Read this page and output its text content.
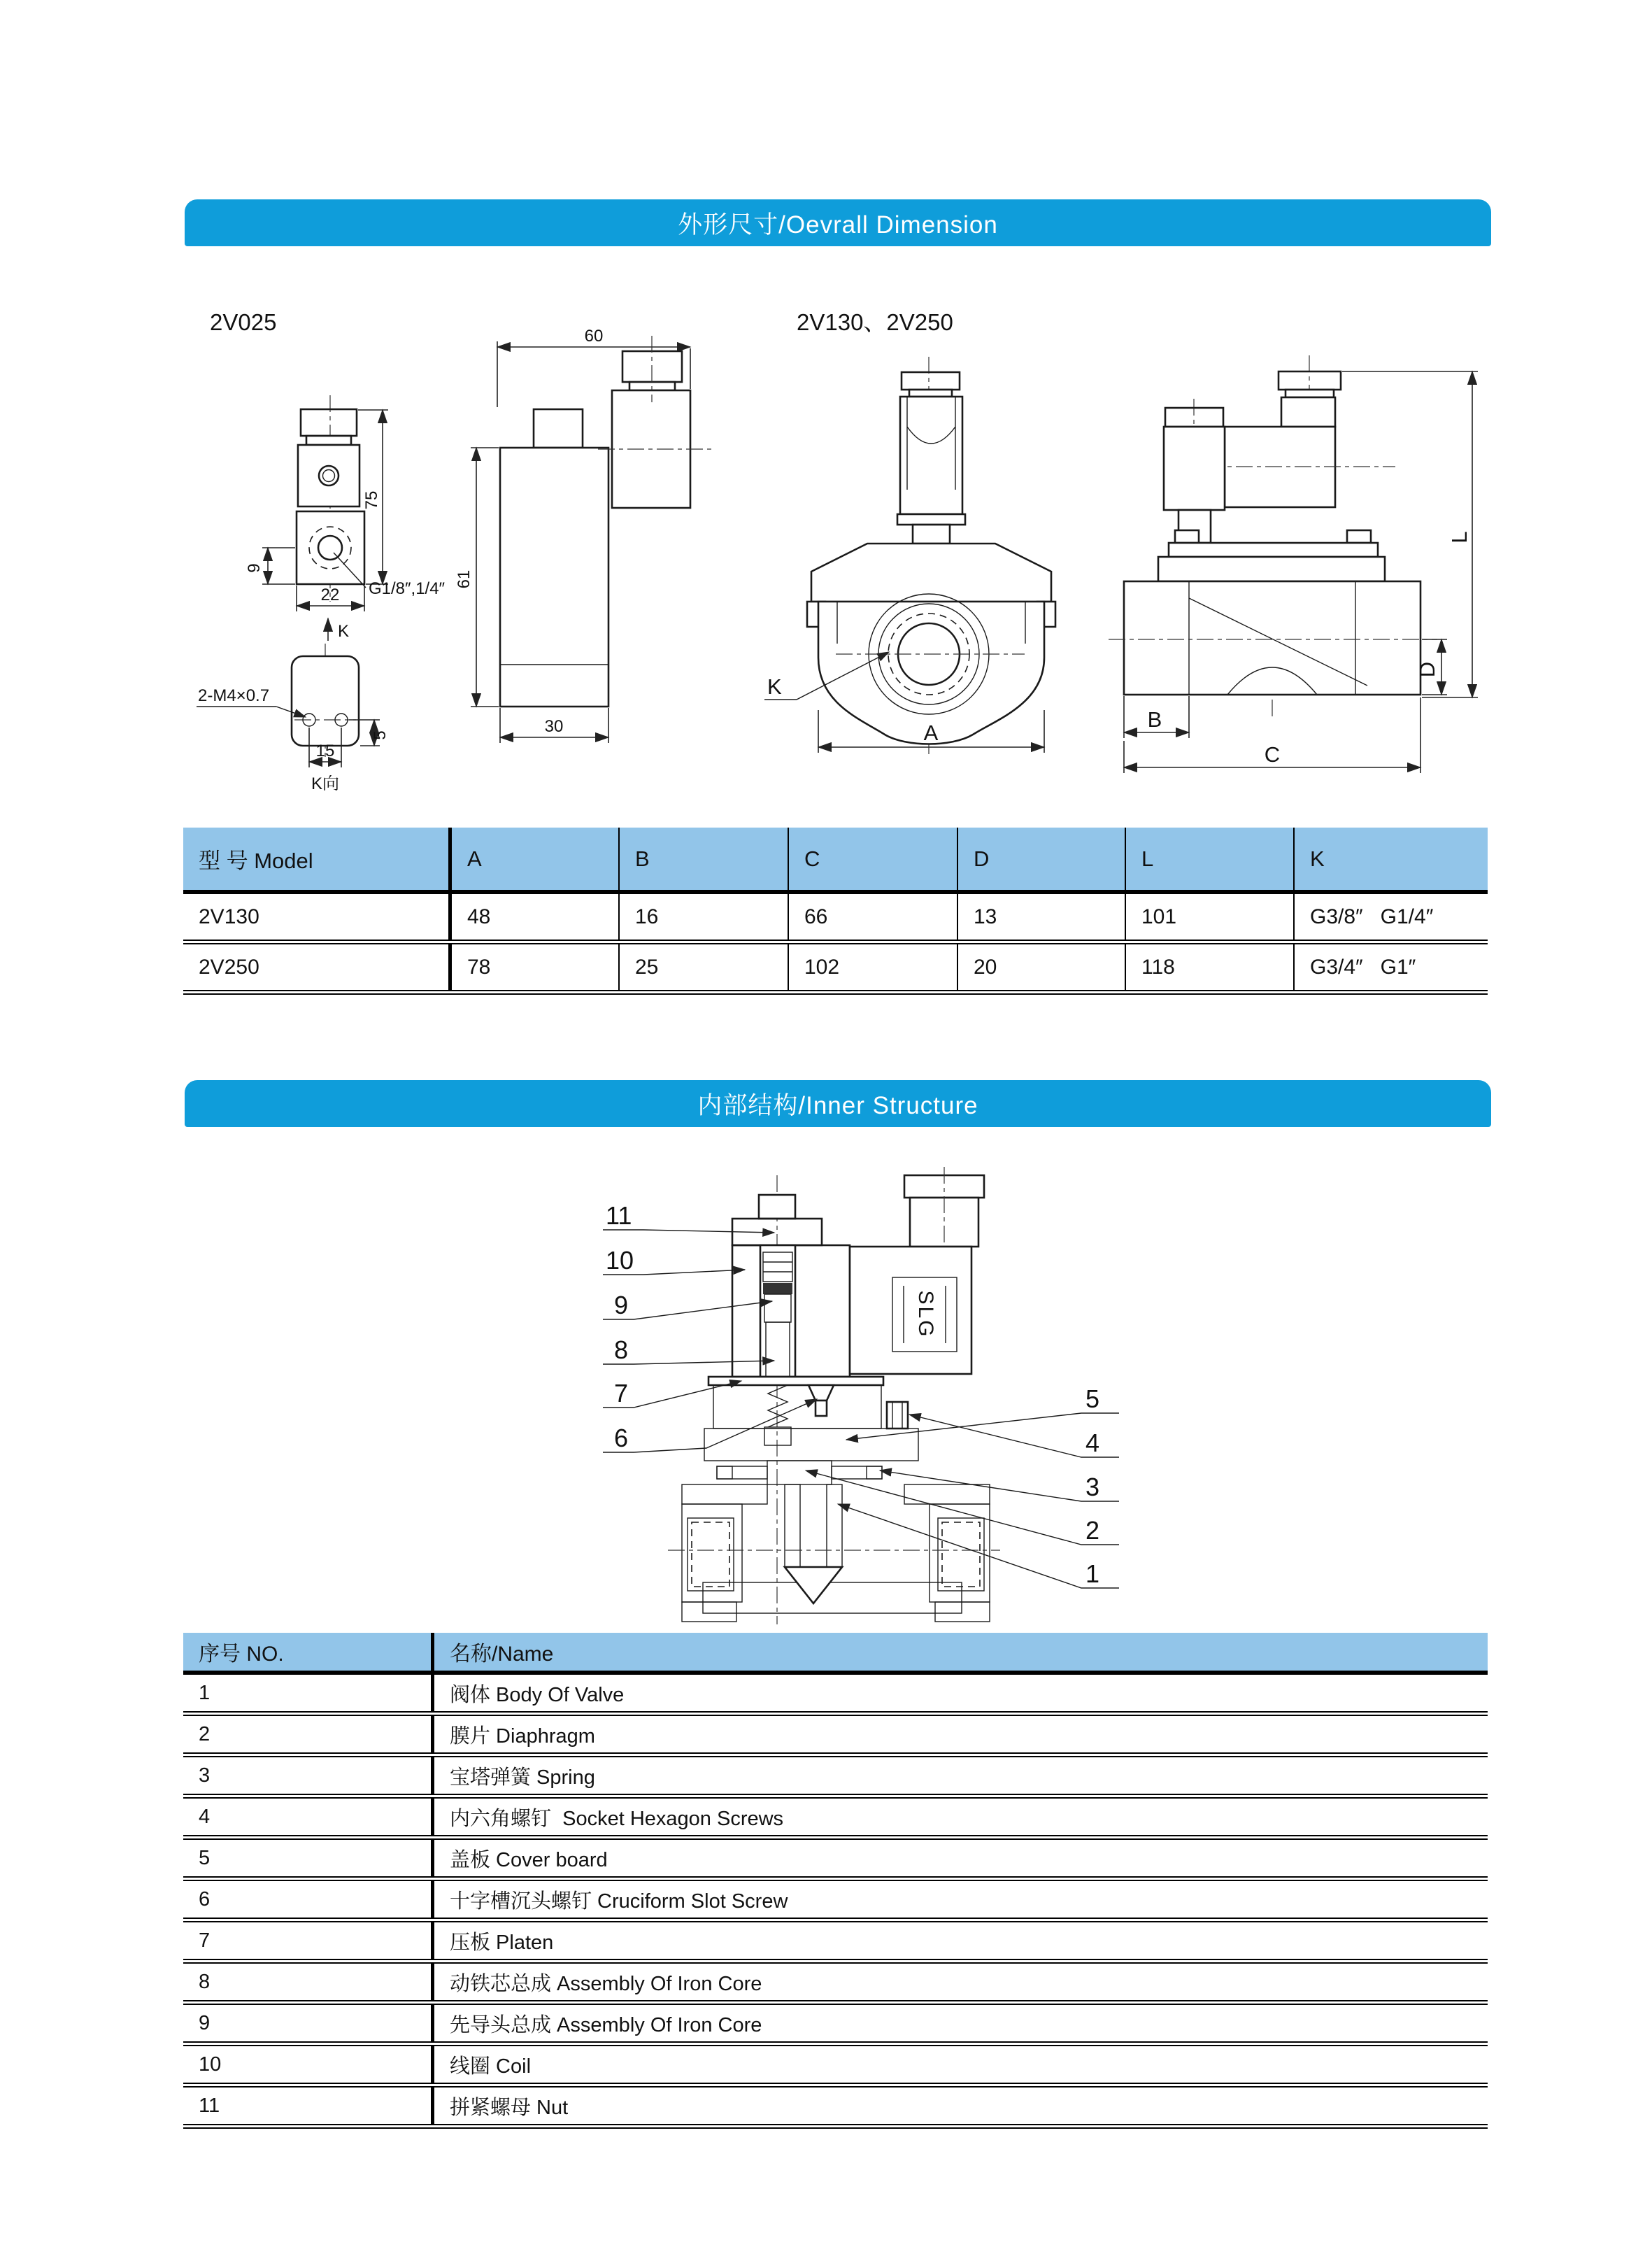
外形尺寸/Oevrall Dimension
2V025	2V130、2V250
75
9
22 G1/8″,1/4″
K
2-M4×0.7
5
15
K向
60
61
30
K
A
L
D
B
C
型 号 Model	A	B	C	D	L	K
2V130	48	16	66	13	101	G3/8″   G1/4″
2V250	78	25	102	20	118	G3/4″   G1″
内部结构/Inner Structure
SLG
11
10
9
8
7
6
5
4
3
2
1
序号 NO.	名称/Name
1	阀体 Body Of Valve
2	膜片 Diaphragm
3	宝塔弹簧 Spring
4	内六角螺钉  Socket Hexagon Screws
5	盖板 Cover board
6	十字槽沉头螺钉 Cruciform Slot Screw
7	压板 Platen
8	动铁芯总成 Assembly Of Iron Core
9	先导头总成 Assembly Of Iron Core
10	线圈 Coil
11	拼紧螺母 Nut
